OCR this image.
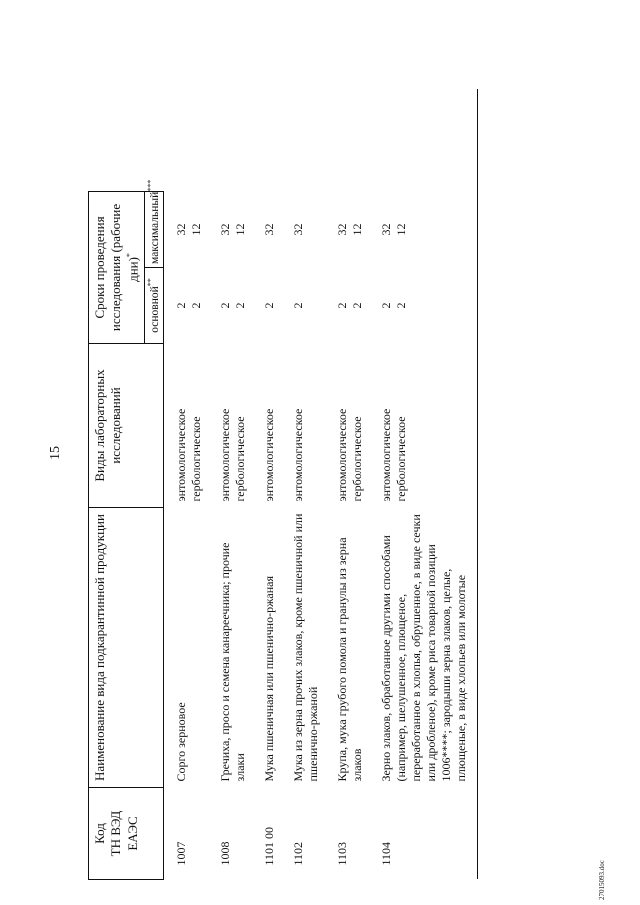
15
Код ТН ВЭД ЕАЭС	Наименование вида подкарантинной продукции	Виды лабораторных исследований	Сроки проведения исследования (рабочие дни)*	
			основной**	максимальный***
1007	Сорго зерновое	энтомологическое гербологическое	2 2	32 12	

1008	Гречиха, просо и семена канареечника; прочие злаки	энтомологическое гербологическое	2 2	32 12	

1101 00	Мука пшеничная или пшенично-ржаная	энтомологическое	2	32	

1102	Мука из зерна прочих злаков, кроме пшеничной или пшенично-ржаной	энтомологическое	2	32	

1103	Крупа, мука грубого помола и гранулы из зерна злаков	энтомологическое гербологическое	2 2	32 12	

1104	Зерно злаков, обработанное другими способами (например, шелушенное, плющеное, переработанное в хлопья, обрушенное, в виде сечки или дробленое), кроме риса товарной позиции 1006****; зародыши зерна злаков, целые, плющеные, в виде хлопьев или молотые	энтомологическое гербологическое	2 2	32 12	

27015093.doc
